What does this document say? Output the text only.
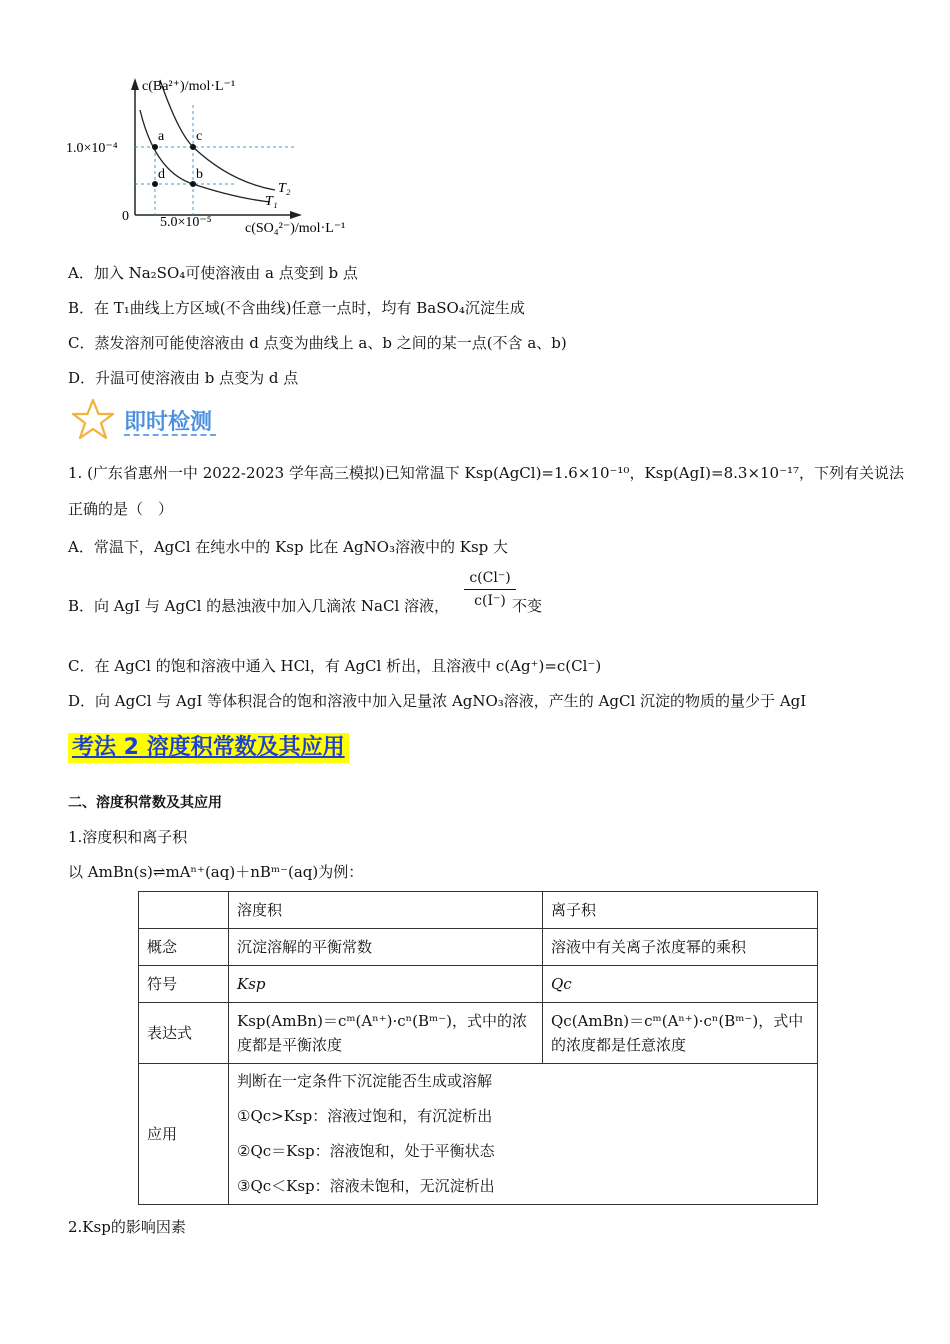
a c
d b
T₂
T₁
c(Ba²⁺)/mol·L⁻¹
c(SO₄²⁻)/mol·L⁻¹
1.0×10⁻⁴
5.0×10⁻⁵
0
A．加入 Na₂SO₄可使溶液由 a 点变到 b 点
B．在 T₁曲线上方区域(不含曲线)任意一点时，均有 BaSO₄沉淀生成
C．蒸发溶剂可能使溶液由 d 点变为曲线上 a、b 之间的某一点(不含 a、b)
D．升温可使溶液由 b 点变为 d 点
即时检测
1. (广东省惠州一中 2022-2023 学年高三模拟)已知常温下 Ksp(AgCl)=1.6×10⁻¹⁰，Ksp(AgI)=8.3×10⁻¹⁷，下列有关说法
正确的是（　）
A．常温下，AgCl 在纯水中的 Ksp 比在 AgNO₃溶液中的 Ksp 大
B．向 AgI 与 AgCl 的悬浊液中加入几滴浓 NaCl 溶液， $\frac{c(Cl^-)}{c(I^-)}$
不变
C．在 AgCl 的饱和溶液中通入 HCl，有 AgCl 析出，且溶液中 c(Ag⁺)=c(Cl⁻)
D．向 AgCl 与 AgI 等体积混合的饱和溶液中加入足量浓 AgNO₃溶液，产生的 AgCl 沉淀的物质的量少于 AgI
考法 2 溶度积常数及其应用
二、溶度积常数及其应用
1.溶度积和离子积
以 AmBn(s)⇌mAⁿ⁺(aq)＋nBᵐ⁻(aq)为例：
	溶度积	离子积
概念	沉淀溶解的平衡常数	溶液中有关离子浓度幂的乘积
符号	Ksp	Qc
表达式	Ksp(AmBn)＝cᵐ(Aⁿ⁺)·cⁿ(Bᵐ⁻)，式中的浓度都是平衡浓度	Qc(AmBn)＝cᵐ(Aⁿ⁺)·cⁿ(Bᵐ⁻)，式中的浓度都是任意浓度
应用	判断在一定条件下沉淀能否生成或溶解
①Qc>Ksp：溶液过饱和，有沉淀析出
②Qc＝Ksp：溶液饱和，处于平衡状态
③Qc＜Ksp：溶液未饱和，无沉淀析出	
2.Ksp的影响因素
